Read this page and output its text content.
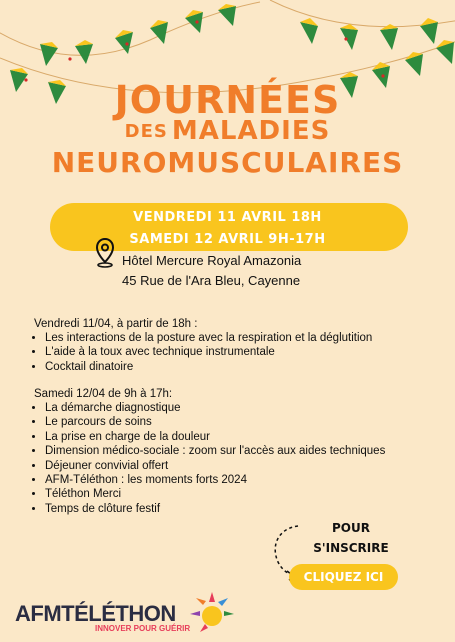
JOURNÉES
DES MALADIES
NEUROMUSCULAIRES
VENDREDI 11 AVRIL 18H
SAMEDI 12 AVRIL 9H-17H
Hôtel Mercure Royal Amazonia
45 Rue de l'Ara Bleu, Cayenne
Vendredi 11/04, à partir de 18h :
• Les interactions de la posture avec la respiration et la déglutition
• L'aide à la toux avec technique instrumentale
• Cocktail dinatoire
Samedi 12/04 de 9h à 17h:
• La démarche diagnostique
• Le parcours de soins
• La prise en charge de la douleur
• Dimension médico-sociale : zoom sur l'accès aux aides techniques
• Déjeuner convivial offert
• AFM-Téléthon : les moments forts 2024
• Téléthon Merci
• Temps de clôture festif
POUR
S'INSCRIRE
CLIQUEZ ICI
AFMTÉLÉTHON
INNOVER POUR GUÉRIR
